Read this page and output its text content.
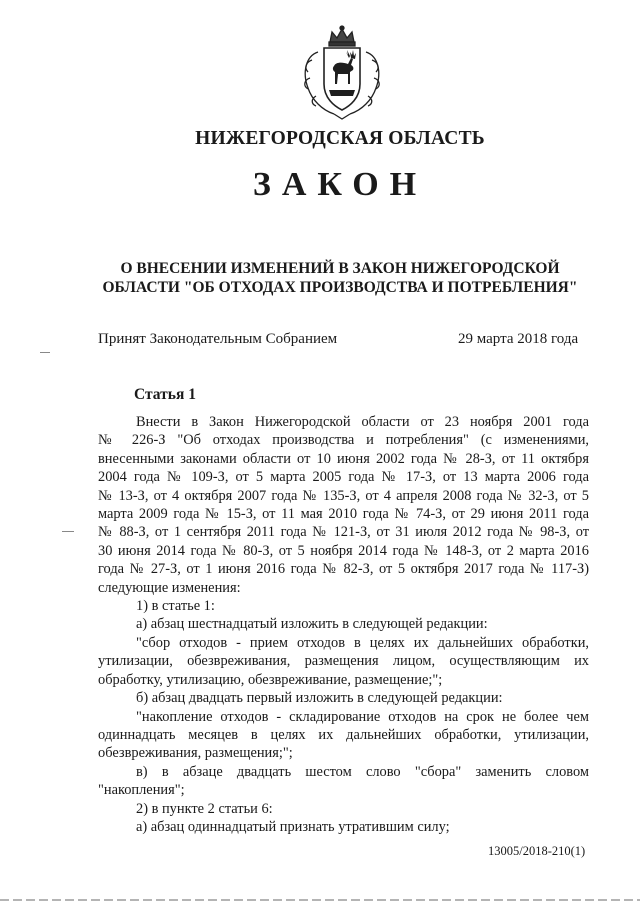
НИЖЕГОРОДСКАЯ ОБЛАСТЬ
ЗАКОН
О ВНЕСЕНИИ ИЗМЕНЕНИЙ В ЗАКОН НИЖЕГОРОДСКОЙ
ОБЛАСТИ "ОБ ОТХОДАХ ПРОИЗВОДСТВА И ПОТРЕБЛЕНИЯ"
Принят Законодательным Собранием	29 марта 2018 года
Статья 1

Внести в Закон Нижегородской области от 23 ноября 2001 года

№ 226-З "Об отходах производства и потребления" (с изменениями,

внесенными законами области от 10 июня 2002 года № 28-З, от 11 октября

2004 года № 109-З, от 5 марта 2005 года № 17-З, от 13 марта 2006 года

№ 13-З, от 4 октября 2007 года № 135-З, от 4 апреля 2008 года № 32-З, от 5

марта 2009 года № 15-З, от 11 мая 2010 года № 74-З, от 29 июня 2011 года

№ 88-З, от 1 сентября 2011 года № 121-З, от 31 июля 2012 года № 98-З, от

30 июня 2014 года № 80-З, от 5 ноября 2014 года № 148-З, от 2 марта 2016

года № 27-З, от 1 июня 2016 года № 82-З, от 5 октября 2017 года № 117-З)

следующие изменения:

1) в статье 1:

а) абзац шестнадцатый изложить в следующей редакции:

"сбор отходов - прием отходов в целях их дальнейших обработки,

утилизации, обезвреживания, размещения лицом, осуществляющим их

обработку, утилизацию, обезвреживание, размещение;";

б) абзац двадцать первый изложить в следующей редакции:

"накопление отходов - складирование отходов на срок не более чем

одиннадцать месяцев в целях их дальнейших обработки, утилизации,

обезвреживания, размещения;";

в) в абзаце двадцать шестом слово "сбора" заменить словом

"накопления";

2) в пункте 2 статьи 6:

а) абзац одиннадцатый признать утратившим силу;

13005/2018-210(1)
